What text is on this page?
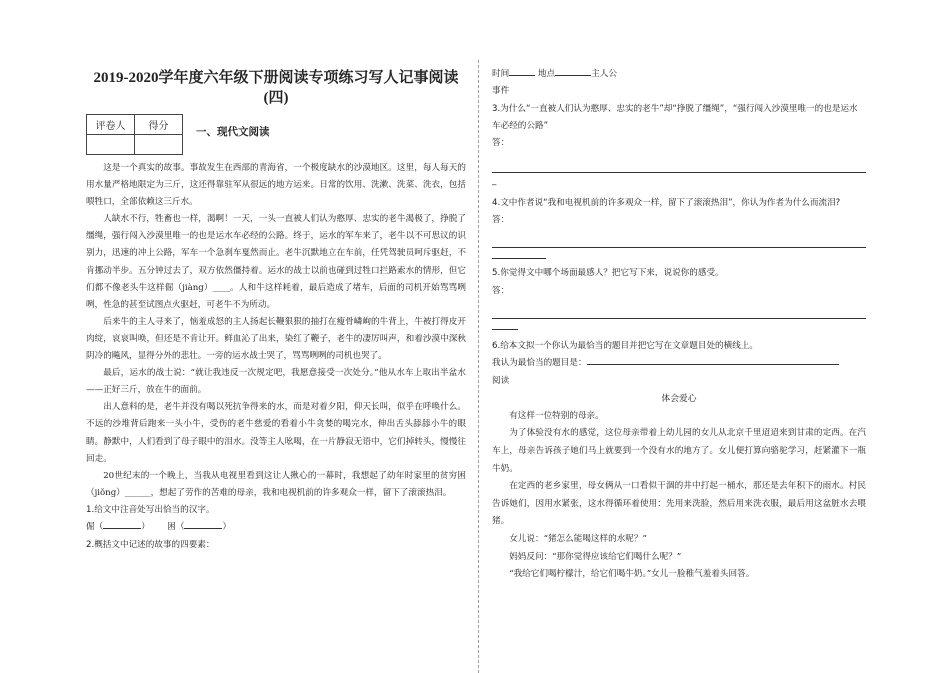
2019-2020学年度六年级下册阅读专项练习写人记事阅读(四)
评卷人	得分
		一、现代文阅读

这是一个真实的故事。事故发生在西部的青海省，一个极度缺水的沙漠地区。这里，每人每天的用水量严格地限定为三斤，这还得靠驻军从很远的地方运来。日常的饮用、洗漱、洗菜、洗衣，包括喂牲口，全部依赖这三斤水。

人缺水不行，牲畜也一样，渴啊！一天，一头一直被人们认为憨厚、忠实的老牛渴极了，挣脱了缰绳，强行闯入沙漠里唯一的也是运水车必经的公路。终于，运水的军车来了，老牛以不可思议的识别力，迅速的冲上公路，军车一个急刹车戛然而止。老牛沉默地立在车前，任凭驾驶员呵斥驱赶，不肯挪动半步。五分钟过去了，双方依然僵持着。运水的战士以前也碰到过牲口拦路索水的情形，但它们都不像老头牛这样倔（jiàng）____。人和牛这样耗着，最后造成了堵车，后面的司机开始骂骂咧咧，性急的甚至试图点火驱赶，可老牛不为所动。

后来牛的主人寻来了，恼羞成怒的主人扬起长鞭狠狠的抽打在瘦骨嶙峋的牛背上，牛被打得皮开肉绽，哀哀叫唤，但还是不肯让开。鲜血沁了出来，染红了鞭子，老牛的凄厉叫声，和着沙漠中深秋阴冷的飚风，显得分外的悲壮。一旁的运水战士哭了，骂骂咧咧的司机也哭了。

最后，运水的战士说：“就让我违反一次规定吧，我愿意接受一次处分。”他从水车上取出半盆水——正好三斤，放在牛的面前。

出人意料的是，老牛并没有喝以死抗争得来的水，而是对着夕阳，仰天长叫，似乎在呼唤什么。不远的沙堆背后跑来一头小牛，受伤的老牛慈爱的看着小牛贪婪的喝完水，伸出舌头舔舔小牛的眼睛。静默中，人们看到了母子眼中的泪水。没等主人吆喝，在一片静寂无语中，它们掉转头，慢慢往回走。

20世纪末的一个晚上，当我从电视里看到这让人揪心的一幕时，我想起了幼年时家里的贫穷困（jiǒng）______，想起了劳作的苦难的母亲，我和电视机前的许多观众一样，留下了滚滚热泪。

1.给文中注音处写出恰当的汉字。

倔（	） 困（	）

2.概括文中记述的故事的四要素：

时间	地点	主人公

事件

3.为什么“一直被人们认为憨厚、忠实的老牛”却“挣脱了缰绳”，“强行闯入沙漠里唯一的也是运水车必经的公路”

答：

_

4.文中作者说“我和电视机前的许多观众一样，留下了滚滚热泪”，你认为作者为什么而流泪?

答：

5.你觉得文中哪个场面最感人？把它写下来，说说你的感受。

答：

6.给本文拟一个你认为最恰当的题目并把它写在文章题目处的横线上。

我认为最恰当的题目是：

阅读

体会爱心

有这样一位特别的母亲。

为了体验没有水的感觉，这位母亲带着上幼儿园的女儿从北京千里迢迢来到甘肃的定西。在汽车上，母亲告诉孩子她们马上就要到一个没有水的地方了。女儿便打算向骆驼学习，赶紧灌下一瓶牛奶。

在定西的老乡家里，母女俩从一口看似干涸的井中打起一桶水，那还是去年积下的雨水。村民告诉她们，因用水紧张，这水得循环着使用：先用来洗脸，然后用来洗衣服，最后用这盆脏水去喂猪。

女儿说：“猪怎么能喝这样的水呢？”

妈妈反问：“那你觉得应该给它们喝什么呢？”

“我给它们喝柠檬汁，给它们喝牛奶。”女儿一脸稚气羞着头回答。
